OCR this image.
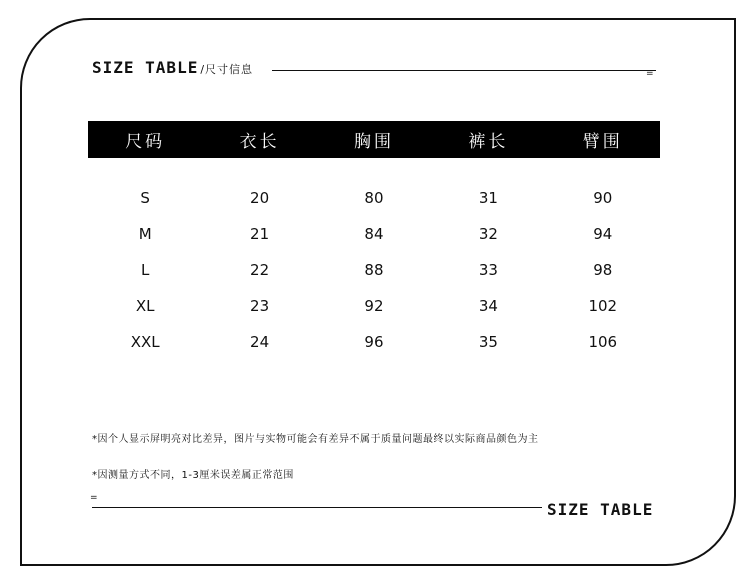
SIZE TABLE /尺寸信息	=
尺码	衣长	胸围	裤长	臂围
S	20	80	31	90
M	21	84	32	94
L	22	88	33	98
XL	23	92	34	102
XXL	24	96	35	106
*因个人显示屏明亮对比差异，图片与实物可能会有差异不属于质量问题最终以实际商品颜色为主
*因测量方式不同，1-3厘米误差属正常范围
=
SIZE TABLE
